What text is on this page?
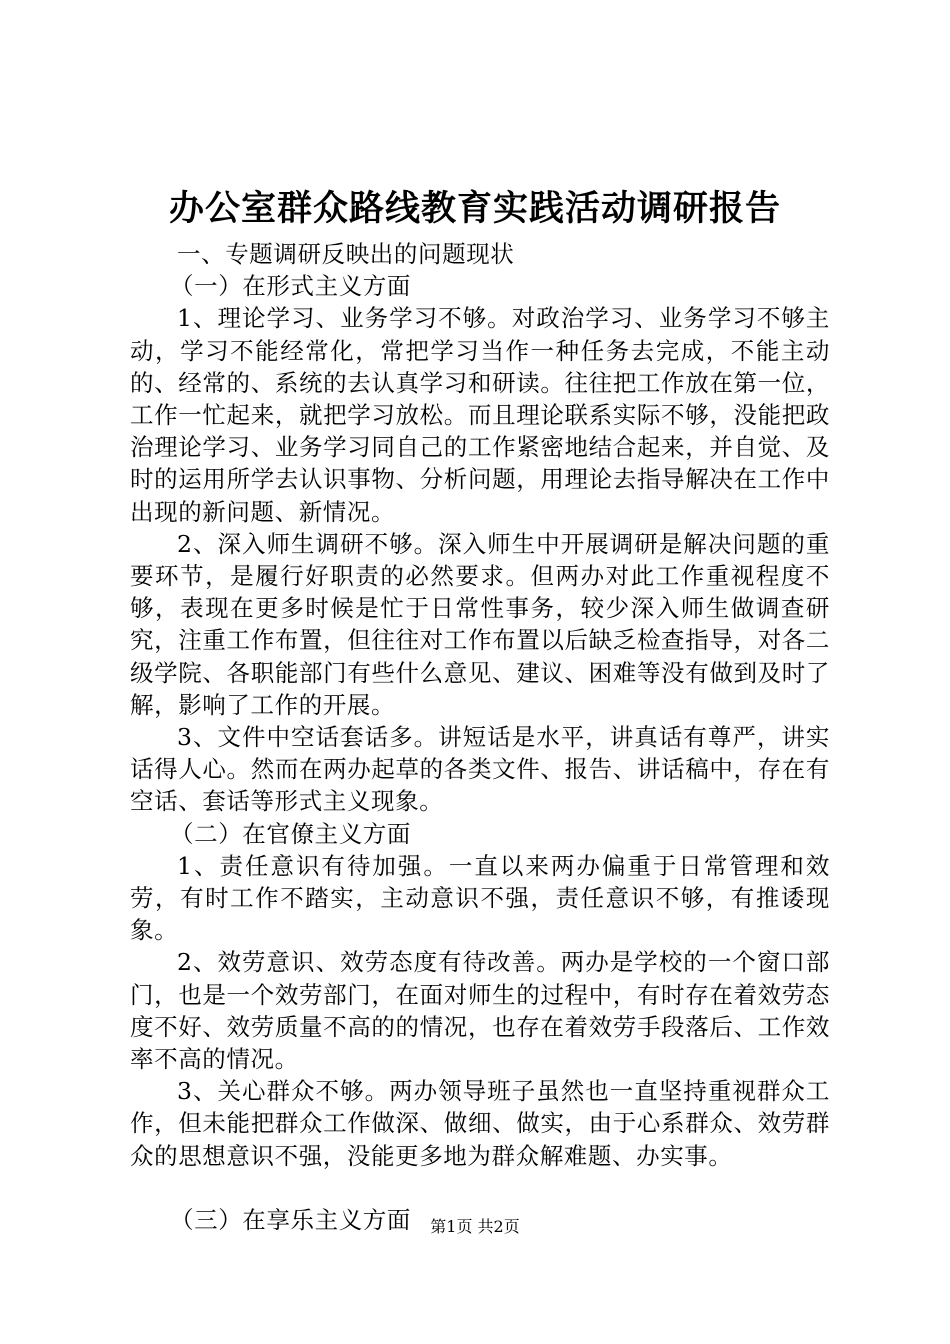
办公室群众路线教育实践活动调研报告

一、专题调研反映出的问题现状

（一）在形式主义方面

1、理论学习、业务学习不够。对政治学习、业务学习不够主动，学习不能经常化，常把学习当作一种任务去完成，不能主动的、经常的、系统的去认真学习和研读。往往把工作放在第一位，工作一忙起来，就把学习放松。而且理论联系实际不够，没能把政治理论学习、业务学习同自己的工作紧密地结合起来，并自觉、及时的运用所学去认识事物、分析问题，用理论去指导解决在工作中出现的新问题、新情况。

2、深入师生调研不够。深入师生中开展调研是解决问题的重要环节，是履行好职责的必然要求。但两办对此工作重视程度不够，表现在更多时候是忙于日常性事务，较少深入师生做调查研究，注重工作布置，但往往对工作布置以后缺乏检查指导，对各二级学院、各职能部门有些什么意见、建议、困难等没有做到及时了解，影响了工作的开展。

3、文件中空话套话多。讲短话是水平，讲真话有尊严，讲实话得人心。然而在两办起草的各类文件、报告、讲话稿中，存在有空话、套话等形式主义现象。

（二）在官僚主义方面

1、责任意识有待加强。一直以来两办偏重于日常管理和效劳，有时工作不踏实，主动意识不强，责任意识不够，有推诿现象。

2、效劳意识、效劳态度有待改善。两办是学校的一个窗口部门，也是一个效劳部门，在面对师生的过程中，有时存在着效劳态度不好、效劳质量不高的的情况，也存在着效劳手段落后、工作效率不高的情况。

3、关心群众不够。两办领导班子虽然也一直坚持重视群众工作，但未能把群众工作做深、做细、做实，由于心系群众、效劳群众的思想意识不强，没能更多地为群众解难题、办实事。

（三）在享乐主义方面	第1页 共2页
